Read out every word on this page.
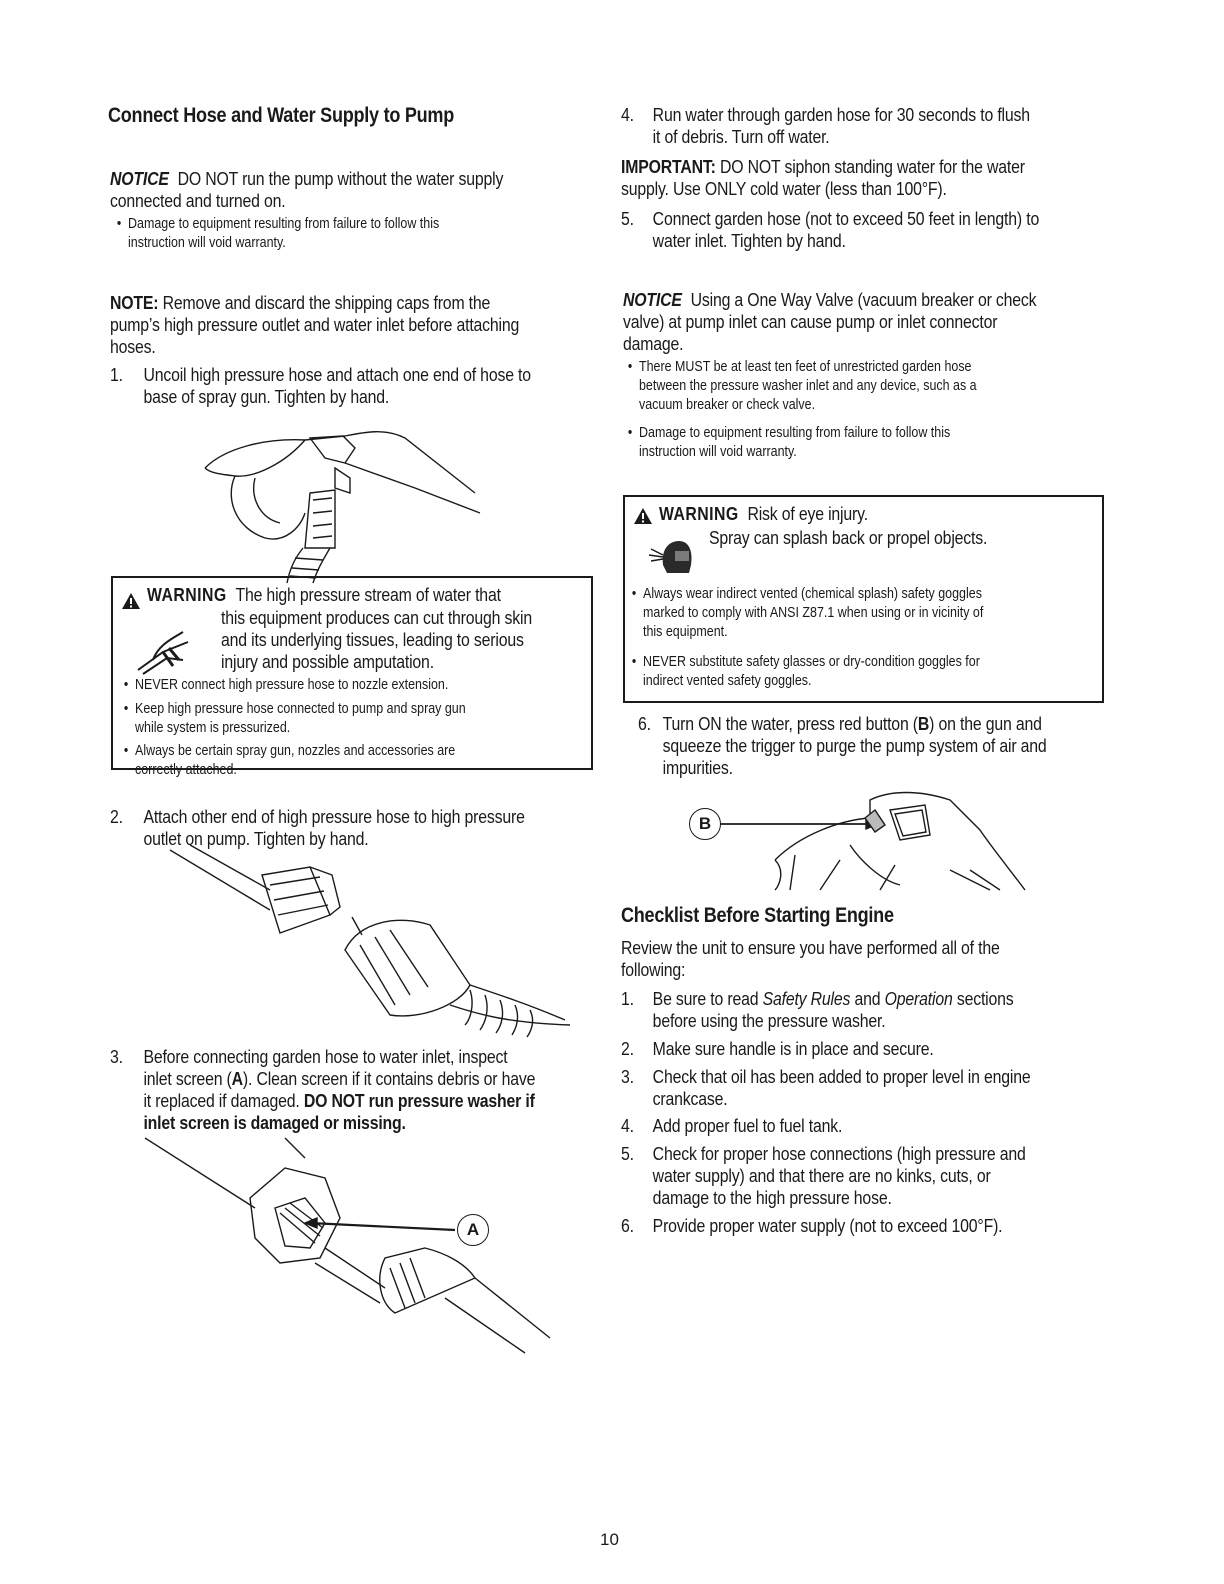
Connect Hose and Water Supply to Pump
NOTICE DO NOT run the pump without the water supply
connected and turned on.
• Damage to equipment resulting from failure to follow this
instruction will void warranty.
NOTE: Remove and discard the shipping caps from the
pump’s high pressure outlet and water inlet before attaching
hoses.
1. Uncoil high pressure hose and attach one end of hose to

base of spray gun. Tighten by hand.
WARNING The high pressure stream of water that
this equipment produces can cut through skin
and its underlying tissues, leading to serious
injury and possible amputation.
• NEVER connect high pressure hose to nozzle extension.
• Keep high pressure hose connected to pump and spray gun
while system is pressurized.
• Always be certain spray gun, nozzles and accessories are
correctly attached.
2. Attach other end of high pressure hose to high pressure

outlet on pump. Tighten by hand.
3. Before connecting garden hose to water inlet, inspect

inlet screen (A). Clean screen if it contains debris or have

it replaced if damaged. DO NOT run pressure washer if

inlet screen is damaged or missing.
A
4. Run water through garden hose for 30 seconds to flush

it of debris. Turn off water.
IMPORTANT: DO NOT siphon standing water for the water
supply. Use ONLY cold water (less than 100°F).
5. Connect garden hose (not to exceed 50 feet in length) to

water inlet. Tighten by hand.
NOTICE Using a One Way Valve (vacuum breaker or check
valve) at pump inlet can cause pump or inlet connector
damage.
• There MUST be at least ten feet of unrestricted garden hose
between the pressure washer inlet and any device, such as a
vacuum breaker or check valve.
• Damage to equipment resulting from failure to follow this
instruction will void warranty.
WARNING Risk of eye injury.
Spray can splash back or propel objects.
• Always wear indirect vented (chemical splash) safety goggles
marked to comply with ANSI Z87.1 when using or in vicinity of
this equipment.
• NEVER substitute safety glasses or dry-condition goggles for
indirect vented safety goggles.
6. Turn ON the water, press red button (B) on the gun and

squeeze the trigger to purge the pump system of air and

impurities.
B
Checklist Before Starting Engine
Review the unit to ensure you have performed all of the
following:
1. Be sure to read Safety Rules and Operation sections

before using the pressure washer.
2. Make sure handle is in place and secure.
3. Check that oil has been added to proper level in engine

crankcase.
4. Add proper fuel to fuel tank.
5. Check for proper hose connections (high pressure and

water supply) and that there are no kinks, cuts, or

damage to the high pressure hose.
6. Provide proper water supply (not to exceed 100°F).
10
